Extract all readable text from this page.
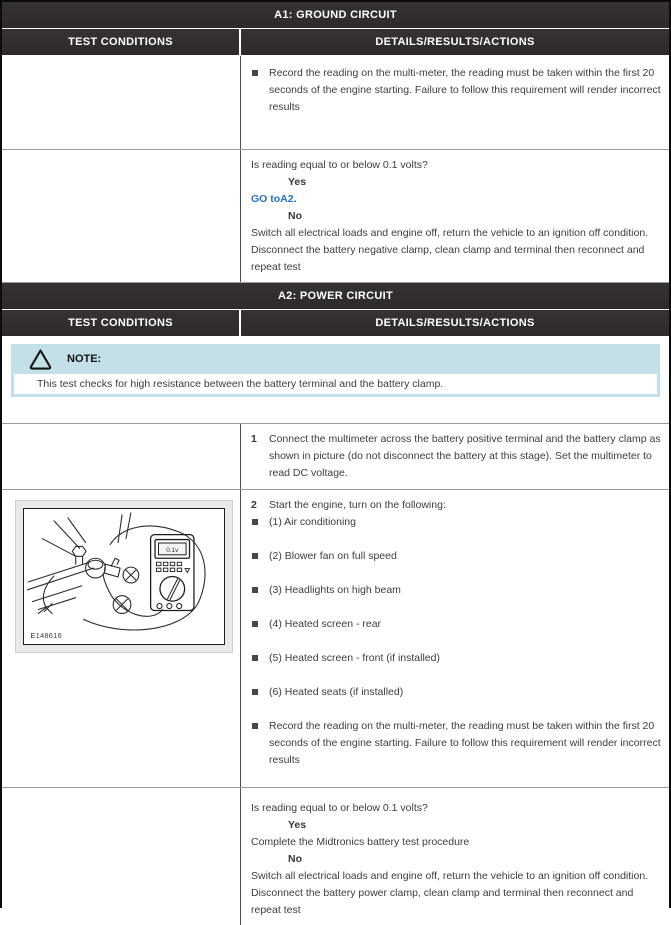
A1: GROUND CIRCUIT
TEST CONDITIONS	DETAILS/RESULTS/ACTIONS
Record the reading on the multi-meter, the reading must be taken within the first 20 seconds of the engine starting. Failure to follow this requirement will render incorrect results
Is reading equal to or below 0.1 volts?
Yes
GO toA2.
No
Switch all electrical loads and engine off, return the vehicle to an ignition off condition. Disconnect the battery negative clamp, clean clamp and terminal then reconnect and repeat test
A2: POWER CIRCUIT
TEST CONDITIONS	DETAILS/RESULTS/ACTIONS
NOTE:
This test checks for high resistance between the battery terminal and the battery clamp.
1	Connect the multimeter across the battery positive terminal and the battery clamp as shown in picture (do not disconnect the battery at this stage). Set the multimeter to read DC voltage.
0.1v
E148616
2	Start the engine, turn on the following:
(1) Air conditioning
(2) Blower fan on full speed
(3) Headlights on high beam
(4) Heated screen - rear
(5) Heated screen - front (if installed)
(6) Heated seats (if installed)
Record the reading on the multi-meter, the reading must be taken within the first 20 seconds of the engine starting. Failure to follow this requirement will render incorrect results
Is reading equal to or below 0.1 volts?
Yes
Complete the Midtronics battery test procedure
No
Switch all electrical loads and engine off, return the vehicle to an ignition off condition. Disconnect the battery power clamp, clean clamp and terminal then reconnect and repeat test
